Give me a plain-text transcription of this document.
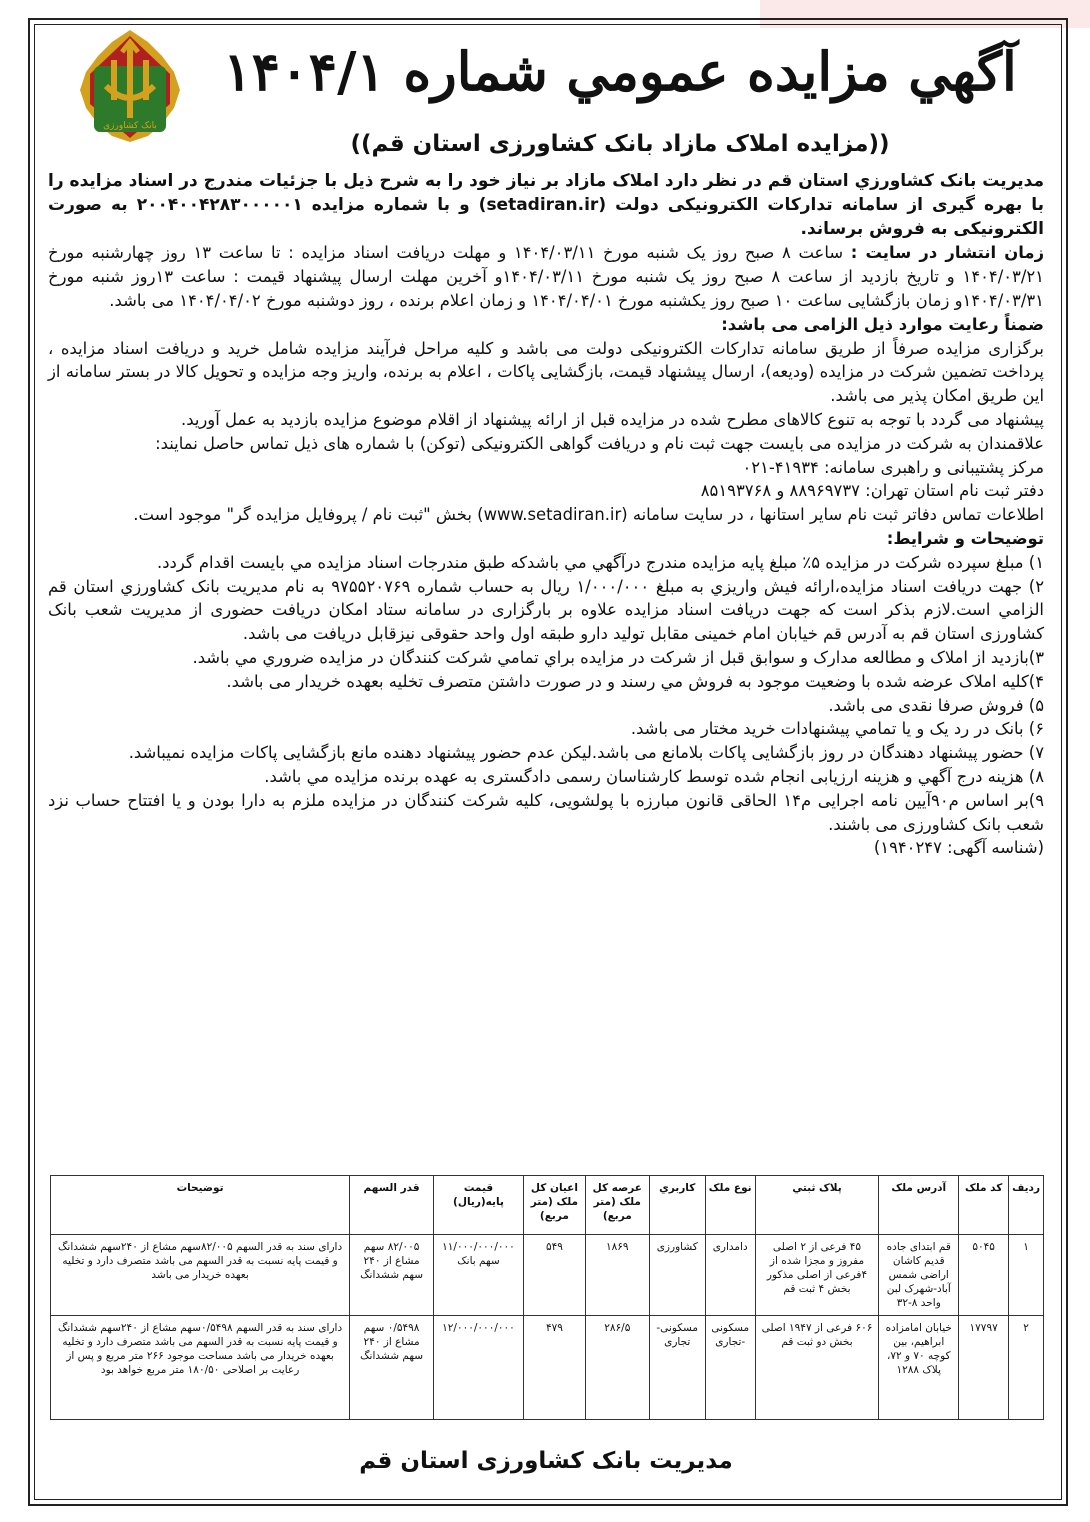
بانک کشاورزی
آگهي مزايده عمومي شماره ۱۴۰۴/۱
((مزایده املاک مازاد بانک کشاورزی استان قم))

مديريت بانک کشاورزي استان قم در نظر دارد املاک مازاد بر نیاز خود را به شرح ذیل با جزئیات مندرج در اسناد مزایده را با بهره گیری از سامانه تدارکات الکترونیکی دولت (setadiran.ir) و با شماره مزایده ۲۰۰۴۰۰۴۲۸۳۰۰۰۰۰۱ به صورت الکترونیکی به فروش برساند.

زمان انتشار در سایت : ساعت ۸ صبح روز یک شنبه مورخ ۱۴۰۴/۰۳/۱۱ و مهلت دریافت اسناد مزایده : تا ساعت ۱۳ روز چهارشنبه مورخ ۱۴۰۴/۰۳/۲۱ و تاریخ بازدید از ساعت ۸ صبح روز یک شنبه مورخ ۱۴۰۴/۰۳/۱۱و آخرین مهلت ارسال پیشنهاد قیمت : ساعت ۱۳روز شنبه مورخ ۱۴۰۴/۰۳/۳۱و زمان بازگشایی ساعت ۱۰ صبح روز یکشنبه مورخ ۱۴۰۴/۰۴/۰۱ و زمان اعلام برنده ، روز دوشنبه مورخ ۱۴۰۴/۰۴/۰۲ می باشد.

ضمناً رعایت موارد ذیل الزامی می باشد:

برگزاری مزایده صرفاً از طریق سامانه تدارکات الکترونیکی دولت می باشد و کلیه مراحل فرآیند مزایده شامل خرید و دریافت اسناد مزایده ، پرداخت تضمین شرکت در مزایده (ودیعه)، ارسال پیشنهاد قیمت، بازگشایی پاکات ، اعلام به برنده، واریز وجه مزایده و تحویل کالا در بستر سامانه از این طریق امکان پذیر می باشد.

پیشنهاد می گردد با توجه به تنوع کالاهای مطرح شده در مزایده قبل از ارائه پیشنهاد از اقلام موضوع مزایده بازدید به عمل آورید.

علاقمندان به شرکت در مزایده می بایست جهت ثبت نام و دریافت گواهی الکترونیکی (توکن) با شماره های ذیل تماس حاصل نمایند:

مرکز پشتیبانی و راهبری سامانه: ۴۱۹۳۴-۰۲۱

دفتر ثبت نام استان تهران: ۸۸۹۶۹۷۳۷ و ۸۵۱۹۳۷۶۸

اطلاعات تماس دفاتر ثبت نام سایر استانها ، در سایت سامانه (www.setadiran.ir) بخش "ثبت نام / پروفایل مزایده گر" موجود است.

توضیحات و شرایط:

۱) مبلغ سپرده شرکت در مزایده ۵٪ مبلغ پایه مزایده مندرج درآگهي مي باشدکه طبق مندرجات اسناد مزايده مي بايست اقدام گردد.

۲) جهت دريافت اسناد مزايده،ارائه فيش واريزي به مبلغ ۱/۰۰۰/۰۰۰ ريال به حساب شماره ۹۷۵۵۲۰۷۶۹ به نام مديريت بانک کشاورزي استان قم الزامي است.لازم بذکر است که جهت دریافت اسناد مزایده علاوه بر بارگزاری در سامانه ستاد امکان دریافت حضوری از مدیریت شعب بانک کشاورزی استان قم به آدرس قم خیابان امام خمینی مقابل تولید دارو طبقه اول واحد حقوقی نیزقابل دریافت می باشد.

۳)بازديد از املاک و مطالعه مدارک و سوابق قبل از شرکت در مزايده براي تمامي شرکت کنندگان در مزايده ضروري مي باشد.

۴)کلیه املاک عرضه شده با وضعیت موجود به فروش مي رسند و در صورت داشتن متصرف تخلیه بعهده خریدار می باشد.

۵) فروش صرفا نقدی می باشد.

۶) بانک در رد يک و يا تمامي پيشنهادات خريد مختار می باشد.

۷) حضور پیشنهاد دهندگان در روز بازگشایی پاکات بلامانع می باشد.لیکن عدم حضور پیشنهاد دهنده مانع بازگشایی پاکات مزایده نمیباشد.

۸) هزينه درج آگهي و هزينه ارزيابی انجام شده توسط کارشناسان رسمی دادگستری به عهده برنده مزايده مي باشد.

۹)بر اساس م۹۰آیین نامه اجرایی م۱۴ الحاقی قانون مبارزه با پولشویی، کلیه شرکت کنندگان در مزایده ملزم به دارا بودن و یا افتتاح حساب نزد شعب بانک کشاورزی می باشند.

(شناسه آگهی: ۱۹۴۰۲۴۷)

ردیف	کد ملک	آدرس ملک	پلاک ثبتي	نوع ملک	کاربري	عرصه کل ملک (متر مربع)	اعیان کل ملک (متر مربع)	قیمت پایه(ریال)	قدر السهم	توضیحات
۱	۵۰۴۵	قم ابتدای جاده قدیم کاشان اراضی شمس آباد-شهرک لبن واحد ۸-۳۲	۴۵ فرعی از ۲ اصلی مفروز و مجزا شده از ۴فرعی از اصلی مذکور بخش ۴ ثبت قم	دامداری	کشاورزی	۱۸۶۹	۵۴۹	۱۱/۰۰۰/۰۰۰/۰۰۰ سهم بانک	۸۲/۰۰۵ سهم مشاع از ۲۴۰ سهم ششدانگ	دارای سند به قدر السهم ۸۲/۰۰۵سهم مشاع از ۲۴۰سهم ششدانگ و قیمت پایه نسبت به قدر السهم می باشد متصرف دارد و تخلیه بعهده خریدار می باشد
۲	۱۷۷۹۷	خیابان امامزاده ابراهیم، بین کوچه ۷۰ و ۷۲، پلاک ۱۲۸۸	۶۰۶ فرعی از ۱۹۴۷ اصلی بخش دو ثبت قم	مسکونی -تجاری	مسکونی- تجاری	۲۸۶/۵	۴۷۹	۱۲/۰۰۰/۰۰۰/۰۰۰	۰/۵۴۹۸ سهم مشاع از ۲۴۰ سهم ششدانگ	دارای سند به قدر السهم ۰/۵۴۹۸سهم مشاع از ۲۴۰سهم ششدانگ و قیمت پایه نسبت به قدر السهم می باشد متصرف دارد و تخلیه بعهده خریدار می باشد مساحت موجود ۲۶۶ متر مربع و پس از رعایت بر اصلاحی ۱۸۰/۵۰ متر مربع خواهد بود
مدیریت بانک کشاورزی استان قم
